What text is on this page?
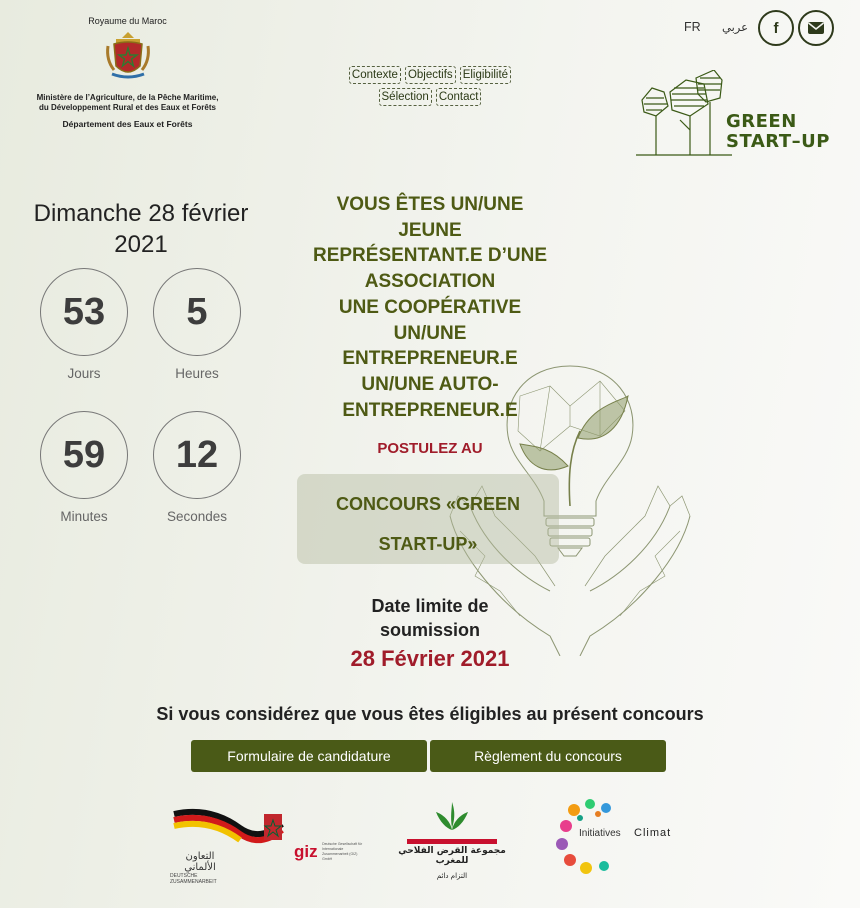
Royaume du Maroc
Ministère de l’Agriculture, de la Pêche Maritime,
du Développement Rural et des Eaux et Forêts
Département des Eaux et Forêts
Contexte Objectifs Eligibilité
Sélection Contact
FR عربي f
GREEN
START–UP
Dimanche 28 février 2021
53 5
Jours	Heures
59 12
Minutes	Secondes
VOUS ÊTES UN/UNE
JEUNE
REPRÉSENTANT.E D’UNE
ASSOCIATION
UNE COOPÉRATIVE
UN/UNE
ENTREPRENEUR.E
UN/UNE AUTO-
ENTREPRENEUR.E
POSTULEZ AU
CONCOURS «GREEN
START-UP»
Date limite de
soumission
28 Février 2021
Si vous considérez que vous êtes éligibles au présent concours
Formulaire de candidature	Règlement du concours
التعاون الألماني
DEUTSCHE ZUSAMMENARBEIT
giz Deutsche Gesellschaft für Internationale Zusammenarbeit (GIZ) GmbH
مجموعة القرض الفلاحي للمغرب
التزام دائم
Initiatives Climat
